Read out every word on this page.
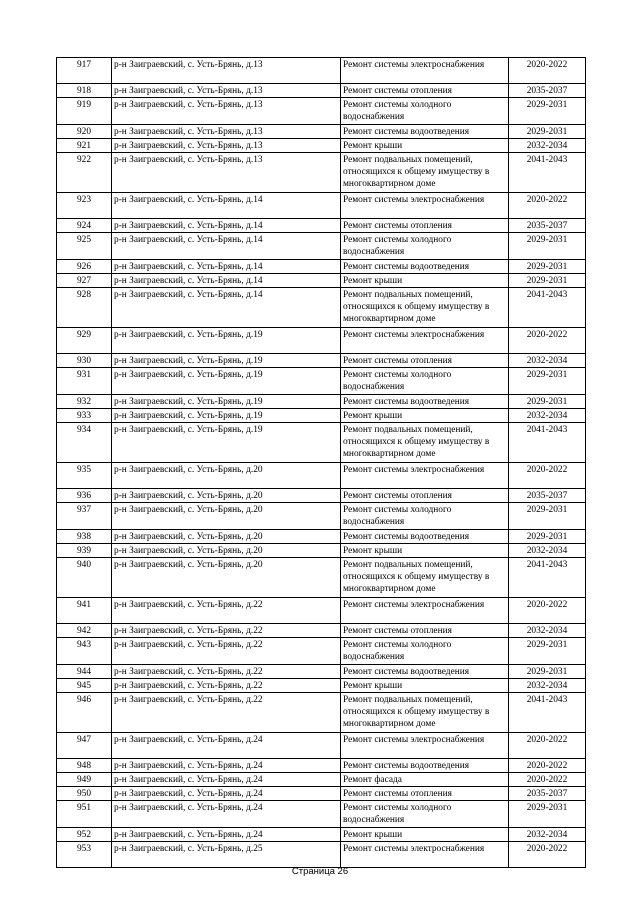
917	р-н Заиграевский, с. Усть-Брянь, д.13	Ремонт системы электроснабжения	2020-2022
918	р-н Заиграевский, с. Усть-Брянь, д.13	Ремонт системы отопления	2035-2037
919	р-н Заиграевский, с. Усть-Брянь, д.13	Ремонт системы холодного водоснабжения	2029-2031
920	р-н Заиграевский, с. Усть-Брянь, д.13	Ремонт системы водоотведения	2029-2031
921	р-н Заиграевский, с. Усть-Брянь, д.13	Ремонт крыши	2032-2034
922	р-н Заиграевский, с. Усть-Брянь, д.13	Ремонт подвальных помещений, относящихся к общему имуществу в многоквартирном доме	2041-2043
923	р-н Заиграевский, с. Усть-Брянь, д.14	Ремонт системы электроснабжения	2020-2022
924	р-н Заиграевский, с. Усть-Брянь, д.14	Ремонт системы отопления	2035-2037
925	р-н Заиграевский, с. Усть-Брянь, д.14	Ремонт системы холодного водоснабжения	2029-2031
926	р-н Заиграевский, с. Усть-Брянь, д.14	Ремонт системы водоотведения	2029-2031
927	р-н Заиграевский, с. Усть-Брянь, д.14	Ремонт крыши	2029-2031
928	р-н Заиграевский, с. Усть-Брянь, д.14	Ремонт подвальных помещений, относящихся к общему имуществу в многоквартирном доме	2041-2043
929	р-н Заиграевский, с. Усть-Брянь, д.19	Ремонт системы электроснабжения	2020-2022
930	р-н Заиграевский, с. Усть-Брянь, д.19	Ремонт системы отопления	2032-2034
931	р-н Заиграевский, с. Усть-Брянь, д.19	Ремонт системы холодного водоснабжения	2029-2031
932	р-н Заиграевский, с. Усть-Брянь, д.19	Ремонт системы водоотведения	2029-2031
933	р-н Заиграевский, с. Усть-Брянь, д.19	Ремонт крыши	2032-2034
934	р-н Заиграевский, с. Усть-Брянь, д.19	Ремонт подвальных помещений, относящихся к общему имуществу в многоквартирном доме	2041-2043
935	р-н Заиграевский, с. Усть-Брянь, д.20	Ремонт системы электроснабжения	2020-2022
936	р-н Заиграевский, с. Усть-Брянь, д.20	Ремонт системы отопления	2035-2037
937	р-н Заиграевский, с. Усть-Брянь, д.20	Ремонт системы холодного водоснабжения	2029-2031
938	р-н Заиграевский, с. Усть-Брянь, д.20	Ремонт системы водоотведения	2029-2031
939	р-н Заиграевский, с. Усть-Брянь, д.20	Ремонт крыши	2032-2034
940	р-н Заиграевский, с. Усть-Брянь, д.20	Ремонт подвальных помещений, относящихся к общему имуществу в многоквартирном доме	2041-2043
941	р-н Заиграевский, с. Усть-Брянь, д.22	Ремонт системы электроснабжения	2020-2022
942	р-н Заиграевский, с. Усть-Брянь, д.22	Ремонт системы отопления	2032-2034
943	р-н Заиграевский, с. Усть-Брянь, д.22	Ремонт системы холодного водоснабжения	2029-2031
944	р-н Заиграевский, с. Усть-Брянь, д.22	Ремонт системы водоотведения	2029-2031
945	р-н Заиграевский, с. Усть-Брянь, д.22	Ремонт крыши	2032-2034
946	р-н Заиграевский, с. Усть-Брянь, д.22	Ремонт подвальных помещений, относящихся к общему имуществу в многоквартирном доме	2041-2043
947	р-н Заиграевский, с. Усть-Брянь, д.24	Ремонт системы электроснабжения	2020-2022
948	р-н Заиграевский, с. Усть-Брянь, д.24	Ремонт системы водоотведения	2020-2022
949	р-н Заиграевский, с. Усть-Брянь, д.24	Ремонт фасада	2020-2022
950	р-н Заиграевский, с. Усть-Брянь, д.24	Ремонт системы отопления	2035-2037
951	р-н Заиграевский, с. Усть-Брянь, д.24	Ремонт системы холодного водоснабжения	2029-2031
952	р-н Заиграевский, с. Усть-Брянь, д.24	Ремонт крыши	2032-2034
953	р-н Заиграевский, с. Усть-Брянь, д.25	Ремонт системы электроснабжения	2020-2022
Страница 26
